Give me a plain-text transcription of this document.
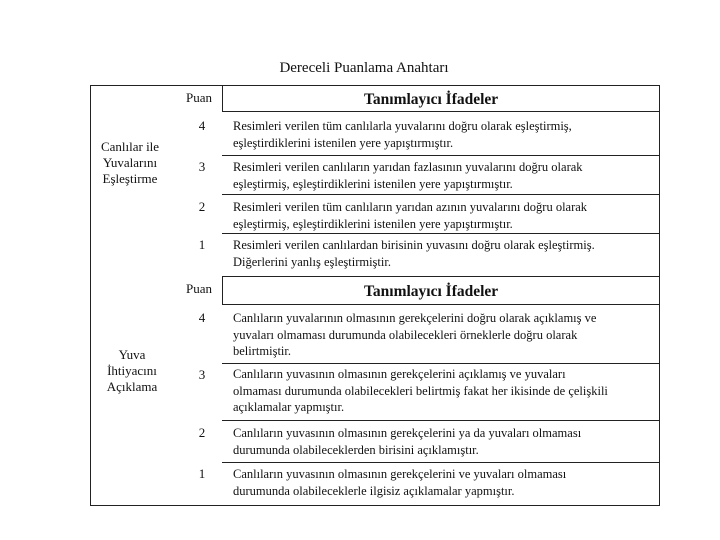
Dereceli Puanlama Anahtarı
Canlılar ile
Yuvalarını
Eşleştirme
Puan	Tanımlayıcı İfadeler
4	Resimleri verilen tüm canlılarla yuvalarını doğru olarak eşleştirmiş,
eşleştirdiklerini istenilen yere yapıştırmıştır.
3	Resimleri verilen canlıların yarıdan fazlasının yuvalarını doğru olarak
eşleştirmiş, eşleştirdiklerini istenilen yere yapıştırmıştır.
2	Resimleri verilen tüm canlıların yarıdan azının yuvalarını doğru olarak
eşleştirmiş, eşleştirdiklerini istenilen yere yapıştırmıştır.
1	Resimleri verilen canlılardan birisinin yuvasını doğru olarak eşleştirmiş.
Diğerlerini yanlış eşleştirmiştir.
Yuva
İhtiyacını
Açıklama
Puan	Tanımlayıcı İfadeler
4	Canlıların yuvalarının olmasının gerekçelerini doğru olarak açıklamış ve
yuvaları olmaması durumunda olabilecekleri örneklerle doğru olarak
belirtmiştir.
3	Canlıların yuvasının olmasının gerekçelerini açıklamış ve yuvaları
olmaması durumunda olabilecekleri belirtmiş fakat her ikisinde de çelişkili
açıklamalar yapmıştır.
2	Canlıların yuvasının olmasının gerekçelerini ya da yuvaları olmaması
durumunda olabileceklerden birisini açıklamıştır.
1	Canlıların yuvasının olmasının gerekçelerini ve yuvaları olmaması
durumunda olabileceklerle ilgisiz açıklamalar yapmıştır.
